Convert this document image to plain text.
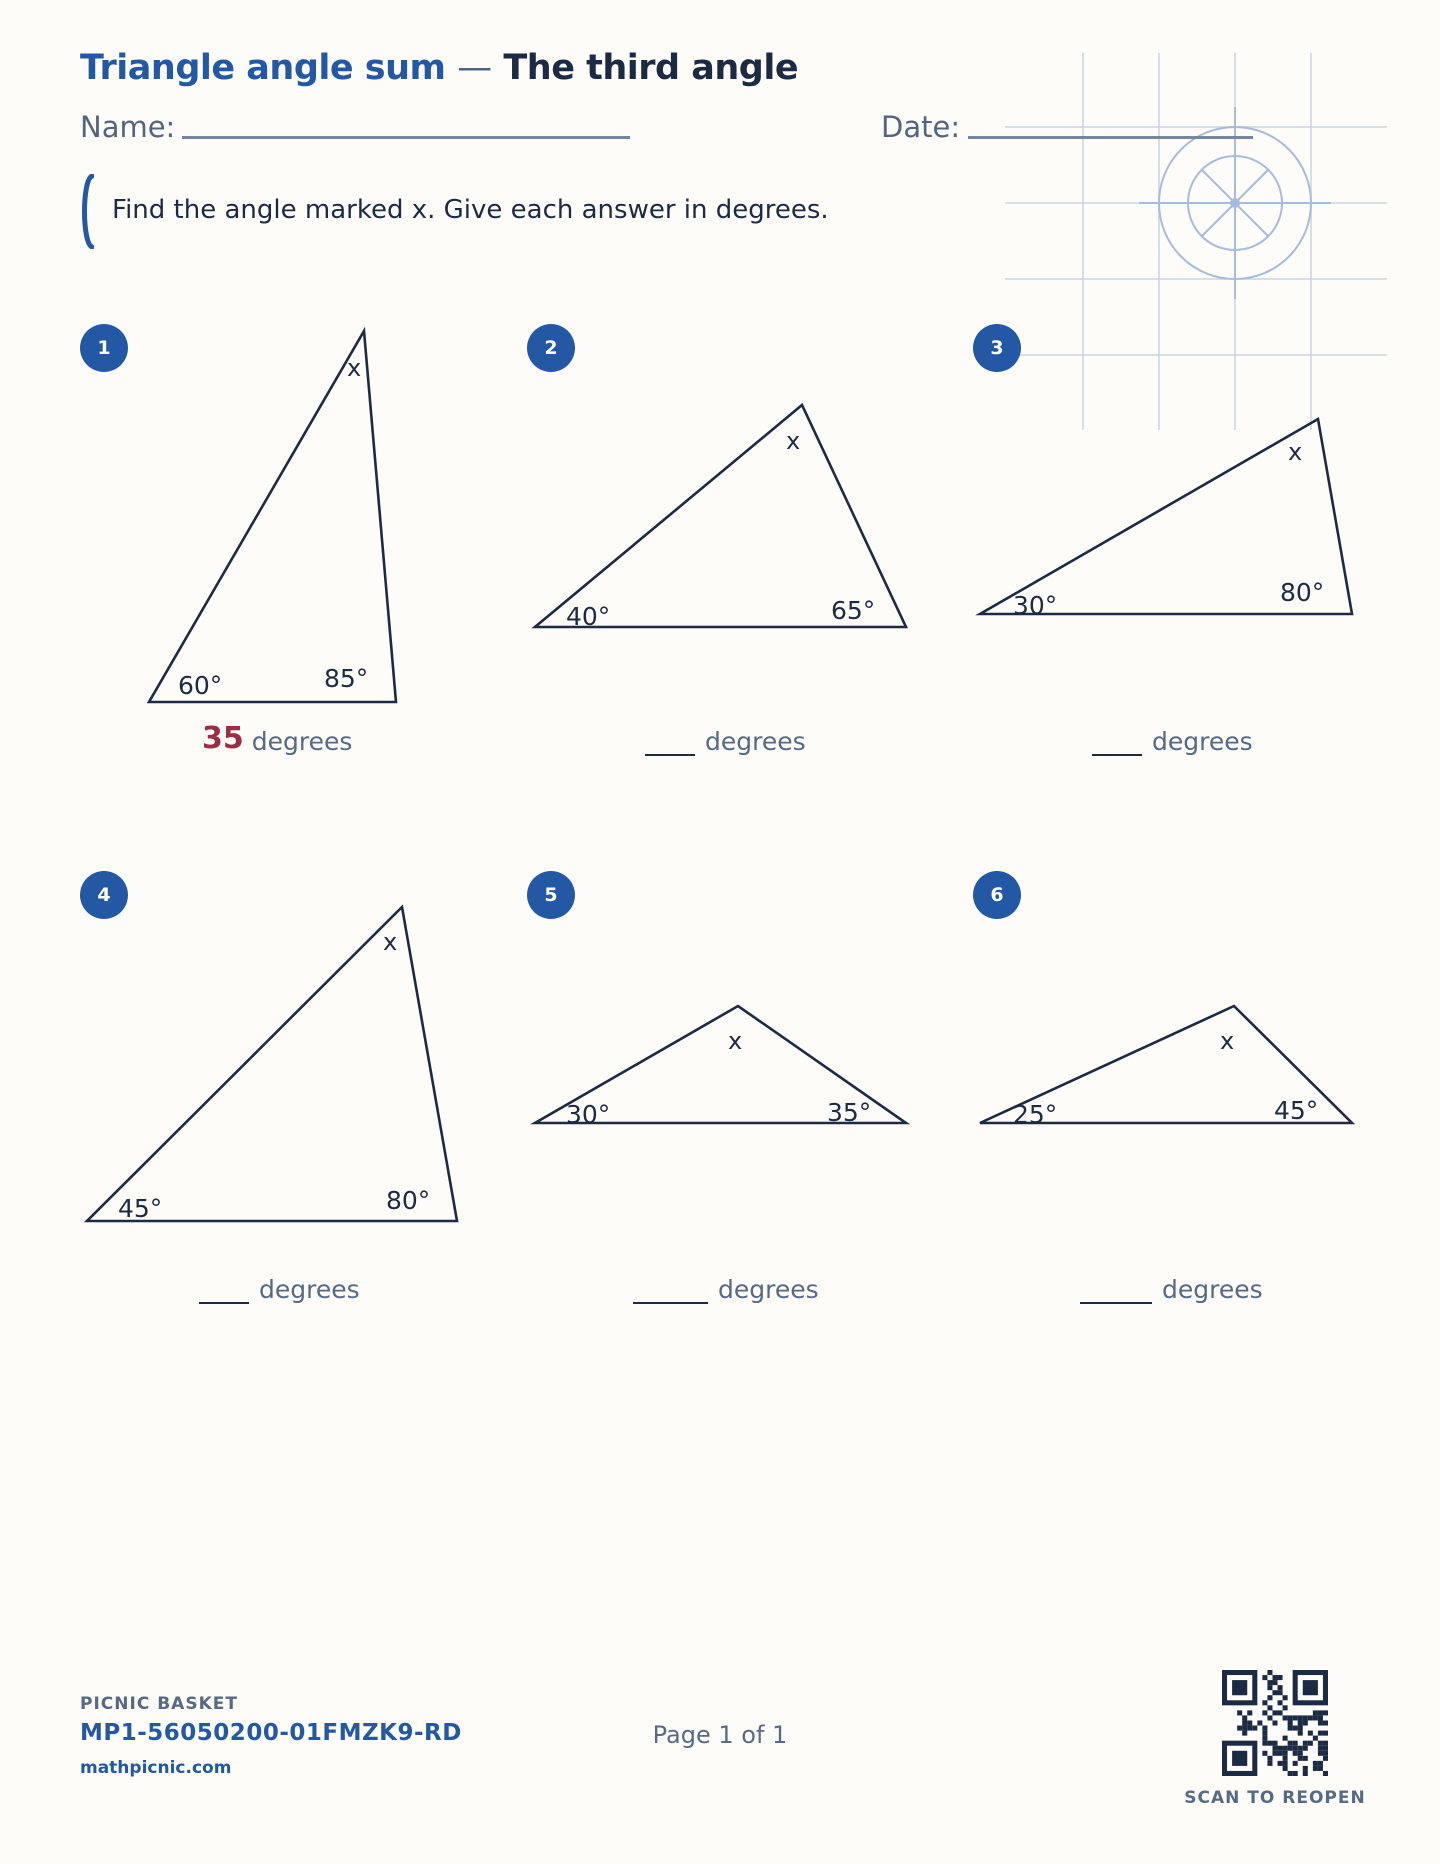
Triangle angle sum — The third angle
Name:	Date:
Find the angle marked x. Give each answer in degrees.
1	2	3
4	5	6
60°	85°
x
40°	65°
x
30°	80°
x
45°	80°
x
30°	35°
x
25°	45°
x
35 degrees	degrees	degrees
degrees	degrees	degrees
PICNIC BASKET
MP1-56050200-01FMZK9-RD
mathpicnic.com
Page 1 of 1
SCAN TO REOPEN
